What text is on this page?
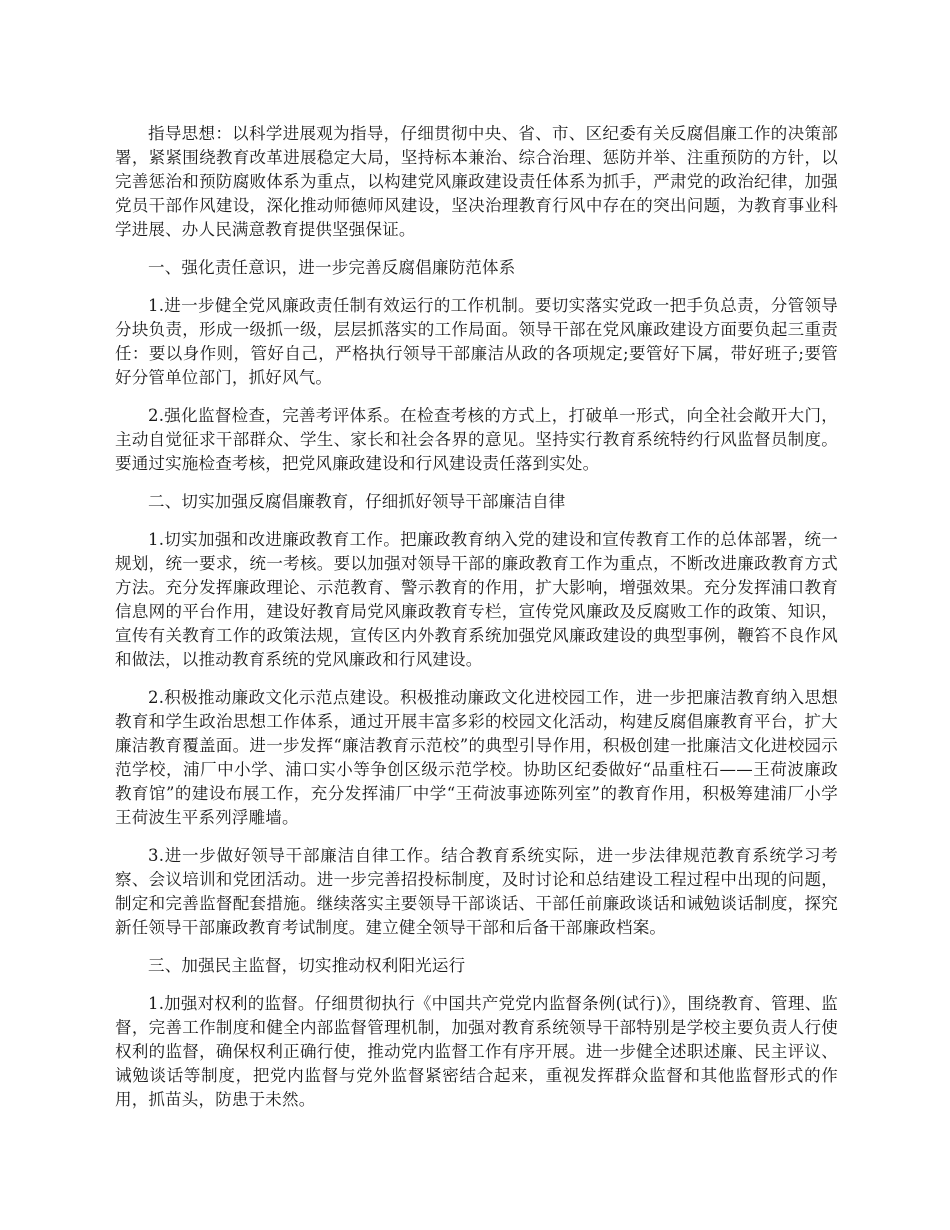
指导思想：以科学进展观为指导，仔细贯彻中央、省、市、区纪委有关反腐倡廉工作的决策部署，紧紧围绕教育改革进展稳定大局，坚持标本兼治、综合治理、惩防并举、注重预防的方针，以完善惩治和预防腐败体系为重点，以构建党风廉政建设责任体系为抓手，严肃党的政治纪律，加强党员干部作风建设，深化推动师德师风建设，坚决治理教育行风中存在的突出问题，为教育事业科学进展、办人民满意教育提供坚强保证。

一、强化责任意识，进一步完善反腐倡廉防范体系

1.进一步健全党风廉政责任制有效运行的工作机制。要切实落实党政一把手负总责，分管领导分块负责，形成一级抓一级，层层抓落实的工作局面。领导干部在党风廉政建设方面要负起三重责任：要以身作则，管好自己，严格执行领导干部廉洁从政的各项规定;要管好下属，带好班子;要管好分管单位部门，抓好风气。

2.强化监督检查，完善考评体系。在检查考核的方式上，打破单一形式，向全社会敞开大门，主动自觉征求干部群众、学生、家长和社会各界的意见。坚持实行教育系统特约行风监督员制度。要通过实施检查考核，把党风廉政建设和行风建设责任落到实处。

二、切实加强反腐倡廉教育，仔细抓好领导干部廉洁自律

1.切实加强和改进廉政教育工作。把廉政教育纳入党的建设和宣传教育工作的总体部署，统一规划，统一要求，统一考核。要以加强对领导干部的廉政教育工作为重点，不断改进廉政教育方式方法。充分发挥廉政理论、示范教育、警示教育的作用，扩大影响，增强效果。充分发挥浦口教育信息网的平台作用，建设好教育局党风廉政教育专栏，宣传党风廉政及反腐败工作的政策、知识，宣传有关教育工作的政策法规，宣传区内外教育系统加强党风廉政建设的典型事例，鞭笞不良作风和做法，以推动教育系统的党风廉政和行风建设。

2.积极推动廉政文化示范点建设。积极推动廉政文化进校园工作，进一步把廉洁教育纳入思想教育和学生政治思想工作体系，通过开展丰富多彩的校园文化活动，构建反腐倡廉教育平台，扩大廉洁教育覆盖面。进一步发挥“廉洁教育示范校”的典型引导作用，积极创建一批廉洁文化进校园示范学校，浦厂中小学、浦口实小等争创区级示范学校。协助区纪委做好“品重柱石——王荷波廉政教育馆”的建设布展工作，充分发挥浦厂中学“王荷波事迹陈列室”的教育作用，积极筹建浦厂小学王荷波生平系列浮雕墙。

3.进一步做好领导干部廉洁自律工作。结合教育系统实际，进一步法律规范教育系统学习考察、会议培训和党团活动。进一步完善招投标制度，及时讨论和总结建设工程过程中出现的问题，制定和完善监督配套措施。继续落实主要领导干部谈话、干部任前廉政谈话和诫勉谈话制度，探究新任领导干部廉政教育考试制度。建立健全领导干部和后备干部廉政档案。

三、加强民主监督，切实推动权利阳光运行

1.加强对权利的监督。仔细贯彻执行《中国共产党党内监督条例(试行)》，围绕教育、管理、监督，完善工作制度和健全内部监督管理机制，加强对教育系统领导干部特别是学校主要负责人行使权利的监督，确保权利正确行使，推动党内监督工作有序开展。进一步健全述职述廉、民主评议、诫勉谈话等制度，把党内监督与党外监督紧密结合起来，重视发挥群众监督和其他监督形式的作用，抓苗头，防患于未然。
